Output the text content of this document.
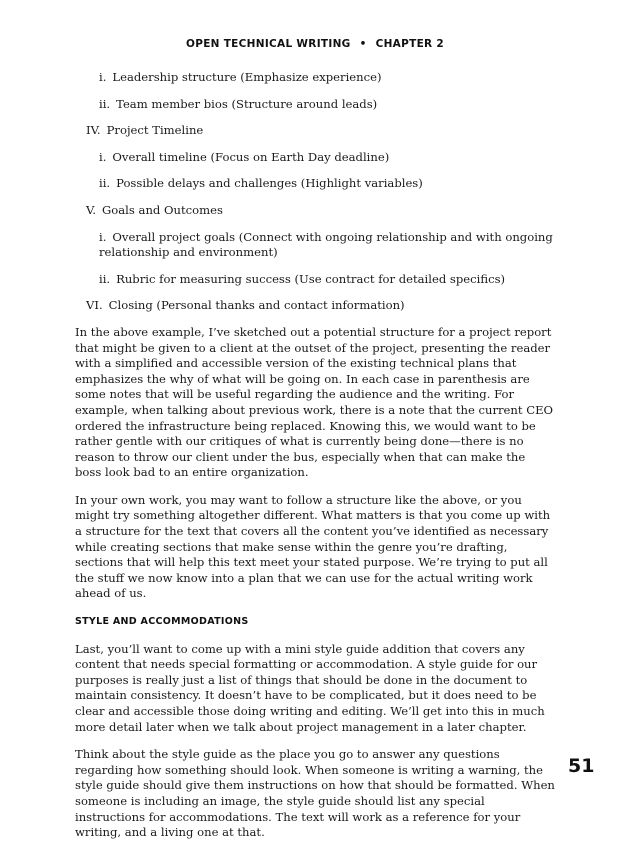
OPEN TECHNICAL WRITING • CHAPTER 2
i. Leadership structure (Emphasize experience)
ii. Team member bios (Structure around leads)
IV. Project Timeline
i. Overall timeline (Focus on Earth Day deadline)
ii. Possible delays and challenges (Highlight variables)
V. Goals and Outcomes
i. Overall project goals (Connect with ongoing relationship and with ongoing relationship and environment)
ii. Rubric for measuring success (Use contract for detailed specifics)
VI. Closing (Personal thanks and contact information)

In the above example, I’ve sketched out a potential structure for a project report that might be given to a client at the outset of the project, presenting the reader with a simplified and accessible version of the existing technical plans that emphasizes the why of what will be going on. In each case in parenthesis are some notes that will be useful regarding the audience and the writing. For example, when talking about previous work, there is a note that the current CEO ordered the infrastructure being replaced. Knowing this, we would want to be rather gentle with our critiques of what is currently being done—there is no reason to throw our client under the bus, especially when that can make the boss look bad to an entire organization.

In your own work, you may want to follow a structure like the above, or you might try something altogether different. What matters is that you come up with a structure for the text that covers all the content you’ve identified as necessary while creating sections that make sense within the genre you’re drafting, sections that will help this text meet your stated purpose. We’re trying to put all the stuff we now know into a plan that we can use for the actual writing work ahead of us.

STYLE AND ACCOMMODATIONS

Last, you’ll want to come up with a mini style guide addition that covers any content that needs special formatting or accommodation. A style guide for our purposes is really just a list of things that should be done in the document to maintain consistency. It doesn’t have to be complicated, but it does need to be clear and accessible those doing writing and editing. We’ll get into this in much more detail later when we talk about project management in a later chapter.

Think about the style guide as the place you go to answer any questions regarding how something should look. When someone is writing a warning, the style guide should give them instructions on how that should be formatted. When someone is including an image, the style guide should list any special instructions for accommodations. The text will work as a reference for your writing, and a living one at that.

51
